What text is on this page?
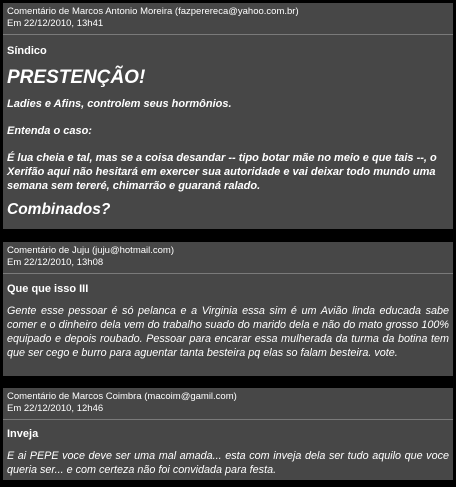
Comentário de Marcos Antonio Moreira (fazperereca@yahoo.com.br)
Em 22/12/2010, 13h41

Síndico

PRESTENÇÃO!

Ladies e Afins, controlem seus hormônios.

Entenda o caso:

É lua cheia e tal, mas se a coisa desandar -- tipo botar mãe no meio e que tais --, o Xerifão aqui não hesitará em exercer sua autoridade e vai deixar todo mundo uma semana sem tereré, chimarrão e guaraná ralado.

Combinados?

Comentário de Juju (juju@hotmail.com)
Em 22/12/2010, 13h08

Que que isso III

Gente esse pessoar é só pelanca e a Virginia essa sim é um Avião linda educada sabe comer e o dinheiro dela vem do trabalho suado do marido dela e não do mato grosso 100% equipado e depois roubado. Pessoar para encarar essa mulherada da turma da botina tem que ser cego e burro para aguentar tanta besteira pq elas so falam besteira. vote.

Comentário de Marcos Coimbra (macoim@gamil.com)
Em 22/12/2010, 12h46

Inveja

E ai PEPE voce deve ser uma mal amada... esta com inveja dela ser tudo aquilo que voce queria ser... e com certeza não foi convidada para festa.
